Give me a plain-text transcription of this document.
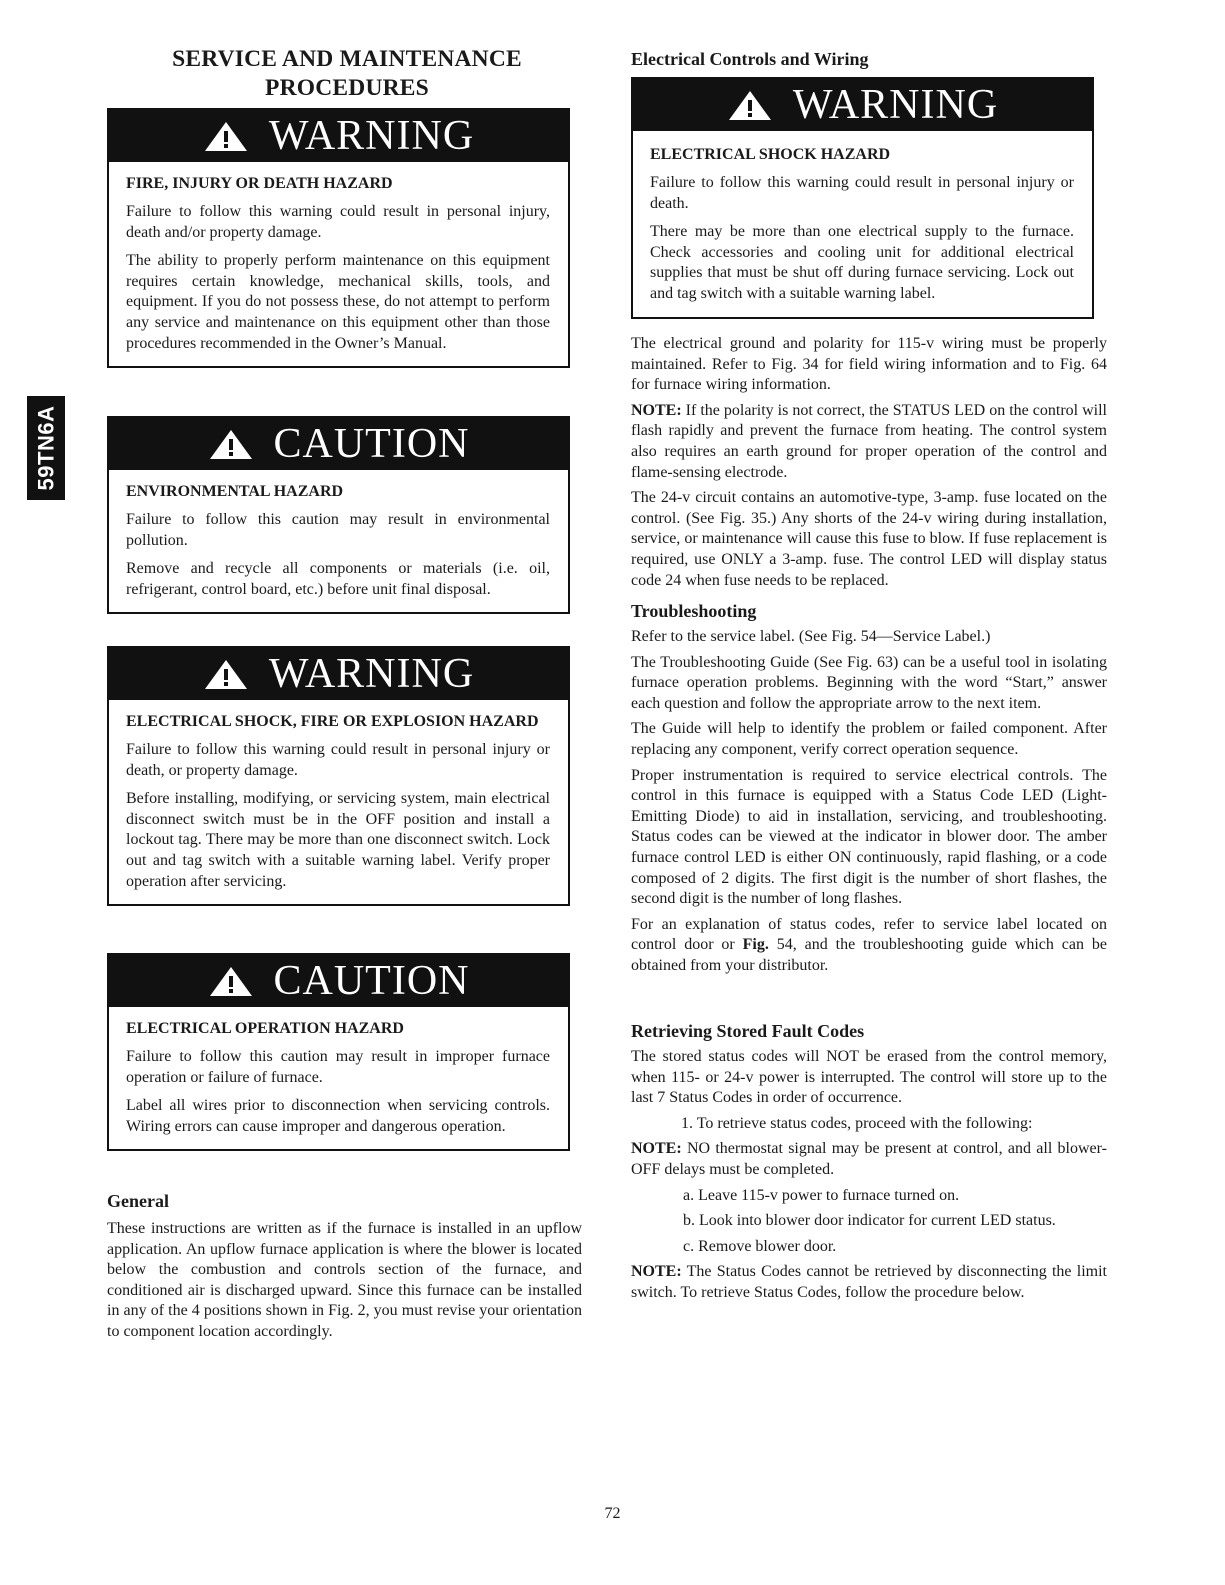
59TN6A
SERVICE AND MAINTENANCE
PROCEDURES
WARNING

FIRE, INJURY OR DEATH HAZARD

Failure to follow this warning could result in personal injury, death and/or property damage.

The ability to properly perform maintenance on this equipment requires certain knowledge, mechanical skills, tools, and equipment. If you do not possess these, do not attempt to perform any service and maintenance on this equipment other than those procedures recommended in the Owner’s Manual.

CAUTION

ENVIRONMENTAL HAZARD

Failure to follow this caution may result in environmental pollution.

Remove and recycle all components or materials (i.e. oil, refrigerant, control board, etc.) before unit final disposal.

WARNING

ELECTRICAL SHOCK, FIRE OR EXPLOSION HAZARD

Failure to follow this warning could result in personal injury or death, or property damage.

Before installing, modifying, or servicing system, main electrical disconnect switch must be in the OFF position and install a lockout tag. There may be more than one disconnect switch. Lock out and tag switch with a suitable warning label. Verify proper operation after servicing.

CAUTION

ELECTRICAL OPERATION HAZARD

Failure to follow this caution may result in improper furnace operation or failure of furnace.

Label all wires prior to disconnection when servicing controls. Wiring errors can cause improper and dangerous operation.

General

These instructions are written as if the furnace is installed in an upflow application. An upflow furnace application is where the blower is located below the combustion and controls section of the furnace, and conditioned air is discharged upward. Since this furnace can be installed in any of the 4 positions shown in Fig. 2, you must revise your orientation to component location accordingly.

Electrical Controls and Wiring
WARNING

ELECTRICAL SHOCK HAZARD

Failure to follow this warning could result in personal injury or death.

There may be more than one electrical supply to the furnace. Check accessories and cooling unit for additional electrical supplies that must be shut off during furnace servicing. Lock out and tag switch with a suitable warning label.

The electrical ground and polarity for 115-v wiring must be properly maintained. Refer to Fig. 34 for field wiring information and to Fig. 64 for furnace wiring information.

NOTE: If the polarity is not correct, the STATUS LED on the control will flash rapidly and prevent the furnace from heating. The control system also requires an earth ground for proper operation of the control and flame-sensing electrode.

The 24-v circuit contains an automotive-type, 3-amp. fuse located on the control. (See Fig. 35.) Any shorts of the 24-v wiring during installation, service, or maintenance will cause this fuse to blow. If fuse replacement is required, use ONLY a 3-amp. fuse. The control LED will display status code 24 when fuse needs to be replaced.

Troubleshooting

Refer to the service label. (See Fig. 54—Service Label.)

The Troubleshooting Guide (See Fig. 63) can be a useful tool in isolating furnace operation problems. Beginning with the word “Start,” answer each question and follow the appropriate arrow to the next item.

The Guide will help to identify the problem or failed component. After replacing any component, verify correct operation sequence.

Proper instrumentation is required to service electrical controls. The control in this furnace is equipped with a Status Code LED (Light-Emitting Diode) to aid in installation, servicing, and troubleshooting. Status codes can be viewed at the indicator in blower door. The amber furnace control LED is either ON continuously, rapid flashing, or a code composed of 2 digits. The first digit is the number of short flashes, the second digit is the number of long flashes.

For an explanation of status codes, refer to service label located on control door or Fig. 54, and the troubleshooting guide which can be obtained from your distributor.

Retrieving Stored Fault Codes

The stored status codes will NOT be erased from the control memory, when 115- or 24-v power is interrupted. The control will store up to the last 7 Status Codes in order of occurrence.

1. To retrieve status codes, proceed with the following:

NOTE: NO thermostat signal may be present at control, and all blower-OFF delays must be completed.

a. Leave 115-v power to furnace turned on.

b. Look into blower door indicator for current LED status.

c. Remove blower door.

NOTE: The Status Codes cannot be retrieved by disconnecting the limit switch. To retrieve Status Codes, follow the procedure below.

72
